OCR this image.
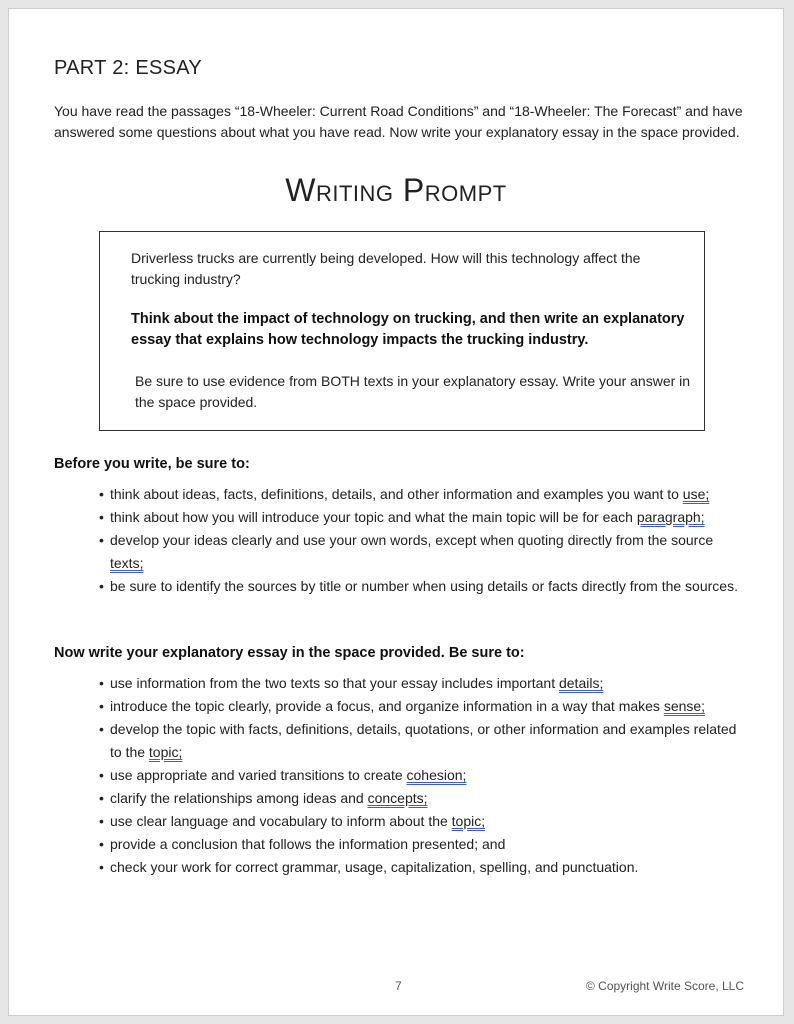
PART 2: ESSAY
You have read the passages “18-Wheeler: Current Road Conditions” and “18-Wheeler: The Forecast” and have answered some questions about what you have read. Now write your explanatory essay in the space provided.
Writing Prompt
Driverless trucks are currently being developed. How will this technology affect the trucking industry?
Think about the impact of technology on trucking, and then write an explanatory essay that explains how technology impacts the trucking industry.
Be sure to use evidence from BOTH texts in your explanatory essay. Write your answer in the space provided.
Before you write, be sure to:
• think about ideas, facts, definitions, details, and other information and examples you want to use;
• think about how you will introduce your topic and what the main topic will be for each paragraph;
• develop your ideas clearly and use your own words, except when quoting directly from the source texts;
• be sure to identify the sources by title or number when using details or facts directly from the sources.
Now write your explanatory essay in the space provided. Be sure to:
• use information from the two texts so that your essay includes important details;
• introduce the topic clearly, provide a focus, and organize information in a way that makes sense;
• develop the topic with facts, definitions, details, quotations, or other information and examples related to the topic;
• use appropriate and varied transitions to create cohesion;
• clarify the relationships among ideas and concepts;
• use clear language and vocabulary to inform about the topic;
• provide a conclusion that follows the information presented; and
• check your work for correct grammar, usage, capitalization, spelling, and punctuation.
7	© Copyright Write Score, LLC
